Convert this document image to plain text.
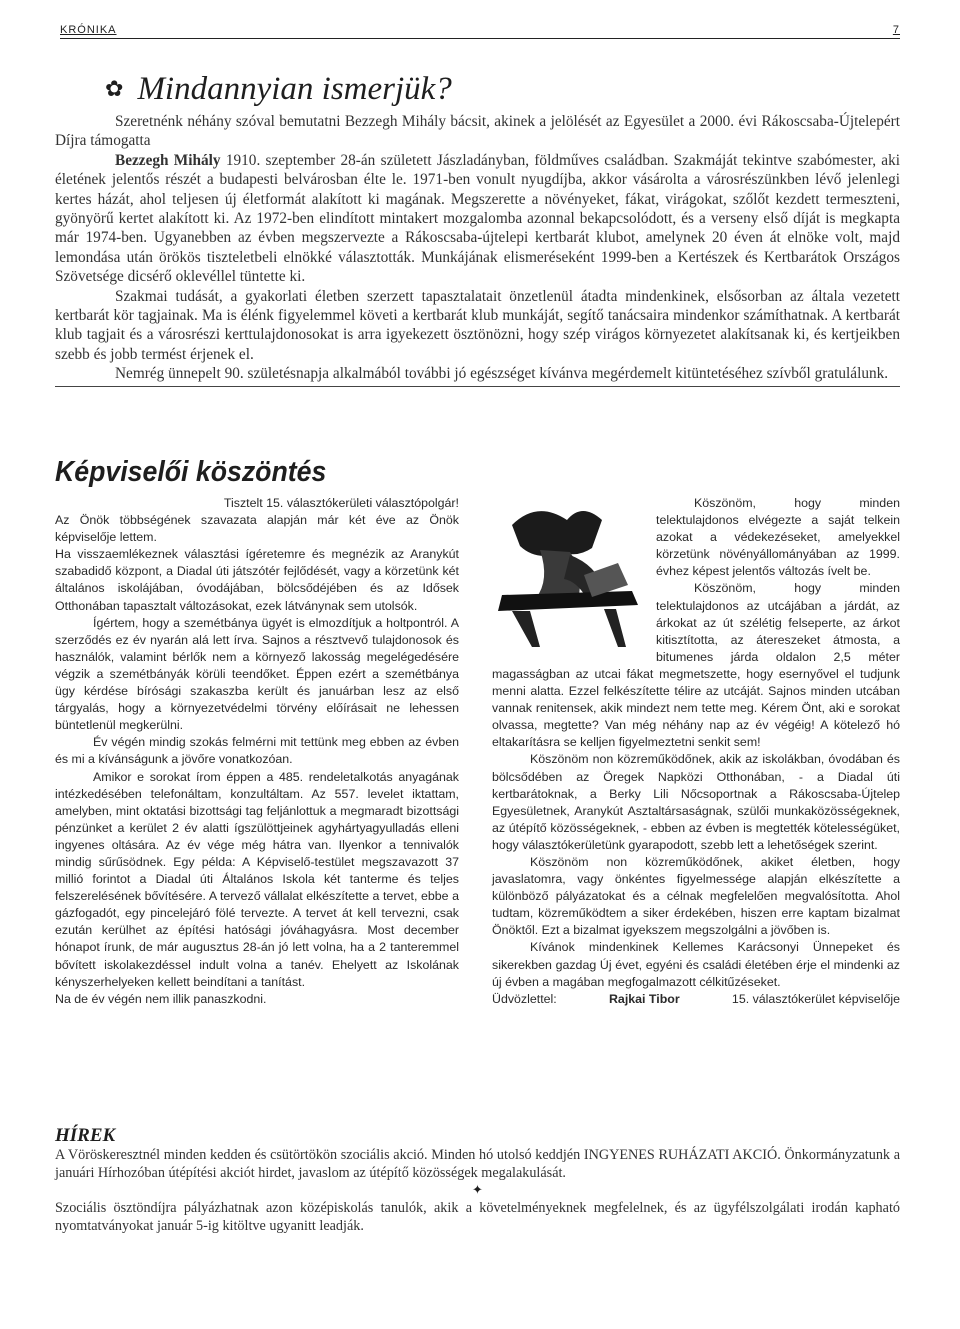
KRÓNIKA	7
✿ Mindannyian ismerjük?

Szeretnénk néhány szóval bemutatni Bezzegh Mihály bácsit, akinek a jelölését az Egyesület a 2000. évi Rákoscsaba-Újtelepért Díjra támogatta

Bezzegh Mihály 1910. szeptember 28-án született Jászladányban, földműves családban. Szakmáját tekintve szabómester, aki életének jelentős részét a budapesti belvárosban élte le. 1971-ben vonult nyugdíjba, akkor vásárolta a városrészünkben lévő jelenlegi kertes házát, ahol teljesen új életformát alakított ki magának. Megszerette a növényeket, fákat, virágokat, szőlőt kezdett termeszteni, gyönyörű kertet alakított ki. Az 1972-ben elindított mintakert mozgalomba azonnal bekapcsolódott, és a verseny első díját is megkapta már 1974-ben. Ugyanebben az évben megszervezte a Rákoscsaba-újtelepi kertbarát klubot, amelynek 20 éven át elnöke volt, majd lemondása után örökös tiszteletbeli elnökké választották. Munkájának elismeréseként 1999-ben a Kertészek és Kertbarátok Országos Szövetsége dicsérő oklevéllel tüntette ki.

Szakmai tudását, a gyakorlati életben szerzett tapasztalatait önzetlenül átadta mindenkinek, elsősorban az általa vezetett kertbarát kör tagjainak. Ma is élénk figyelemmel követi a kertbarát klub munkáját, segítő tanácsaira mindenkor számíthatnak. A kertbarát klub tagjait és a városrészi kerttulajdonosokat is arra igyekezett ösztönözni, hogy szép virágos környezetet alakítsanak ki, és kertjeikben szebb és jobb termést érjenek el.

Nemrég ünnepelt 90. születésnapja alkalmából további jó egészséget kívánva megérdemelt kitüntetéséhez szívből gratulálunk.

Képviselői köszöntés

Tisztelt 15. választókerületi választópolgár!

Az Önök többségének szavazata alapján már két éve az Önök képviselője lettem.

Ha visszaemlékeznek választási ígéretemre és megnézik az Aranykút szabadidő központ, a Diadal úti játszótér fejlődését, vagy a körzetünk két általános iskolájában, óvodájában, bölcsődéjében és az Idősek Otthonában tapasztalt változásokat, ezek látványnak sem utolsók.

Ígértem, hogy a szemétbánya ügyét is elmozdítjuk a holtpontról. A szerződés ez év nyarán alá lett írva. Sajnos a résztvevő tulajdonosok és használók, valamint bérlők nem a környező lakosság megelégedésére végzik a szemétbányák körüli teendőket. Éppen ezért a szemétbánya ügy kérdése bírósági szakaszba került és januárban lesz az első tárgyalás, hogy a környezetvédelmi törvény előírásait ne lehessen büntetlenül megkerülni.

Év végén mindig szokás felmérni mit tettünk meg ebben az évben és mi a kívánságunk a jövőre vonatkozóan.

Amikor e sorokat írom éppen a 485. rendeletalkotás anyagának intézkedésében telefonáltam, konzultáltam. Az 557. levelet iktattam, amelyben, mint oktatási bizottsági tag feljánlottuk a megmaradt bizottsági pénzünket a kerület 2 év alatti ígszülöttjeinek agyhártyagyulladás elleni ingyenes oltására. Az év vége még hátra van. Ilyenkor a tennivalók mindig sűrűsödnek. Egy példa: A Képviselő-testület megszavazott 37 millió forintot a Diadal úti Általános Iskola két tanterme és teljes felszerelésének bővítésére. A tervező vállalat elkészítette a tervet, ebbe a gázfogadót, egy pincelejáró fölé tervezte. A tervet át kell tervezni, csak ezután kerülhet az építési hatósági jóváhagyásra. Most december hónapot írunk, de már augusztus 28-án jó lett volna, ha a 2 tanteremmel bővített iskolakezdéssel indult volna a tanév. Ehelyett az Iskolának kényszerhelyeken kellett beindítani a tanítást.

Na de év végén nem illik panaszkodni.

Köszönöm, hogy minden telektulajdonos elvégezte a saját telkein azokat a védekezéseket, amelyekkel körzetünk növényállományában az 1999. évhez képest jelentős változás ívelt be.

Köszönöm, hogy minden telektulajdonos az utcájában a járdát, az árkokat az út szélétig felseperte, az árkot kitisztította, az átereszeket átmosta, a bitumenes járda oldalon 2,5 méter magasságban az utcai fákat megmetszette, hogy esernyővel el tudjunk menni alatta. Ezzel felkészítette télire az utcáját. Sajnos minden utcában vannak renitensek, akik mindezt nem tette meg. Kérem Önt, aki e sorokat olvassa, megtette? Van még néhány nap az év végéig! A kötelező hó eltakarításra se kelljen figyelmeztetni senkit sem!

Köszönöm non közreműködőnek, akik az iskolákban, óvodában és bölcsődében az Öregek Napközi Otthonában, - a Diadal úti kertbarátoknak, a Berky Lili Nőcsoportnak a Rákoscsaba-Újtelep Egyesületnek, Aranykút Asztaltársaságnak, szülői munkaközösségeknek, az útépítő közösségeknek, - ebben az évben is megtették kötelességüket, hogy választókerületünk gyarapodott, szebb lett a lehetőségek szerint.

Köszönöm non közreműködőnek, akiket életben, hogy javaslatomra, vagy önkéntes figyelmessége alapján elkészítette a különböző pályázatokat és a célnak megfelelően megvalósította. Ahol tudtam, közreműködtem a siker érdekében, hiszen erre kaptam bizalmat Önöktől. Ezt a bizalmat igyekszem megszolgálni a jövőben is.

Kívánok mindenkinek Kellemes Karácsonyi Ünnepeket és sikerekben gazdag Új évet, egyéni és családi életében érje el mindenki az új évben a magában megfogalmazott célkitűzéseket.

Üdvözlettel:	Rajkai Tibor	15. választókerület képviselője
HÍREK

A Vöröskeresztnél minden kedden és csütörtökön szociális akció. Minden hó utolsó keddjén INGYENES RUHÁZATI AKCIÓ. Önkormányzatunk a januári Hírhozóban útépítési akciót hirdet, javaslom az útépítő közösségek megalakulását.

✦

Szociális ösztöndíjra pályázhatnak azon középiskolás tanulók, akik a követelményeknek megfelelnek, és az ügyfélszolgálati irodán kapható nyomtatványokat január 5-ig kitöltve ugyanitt leadják.
